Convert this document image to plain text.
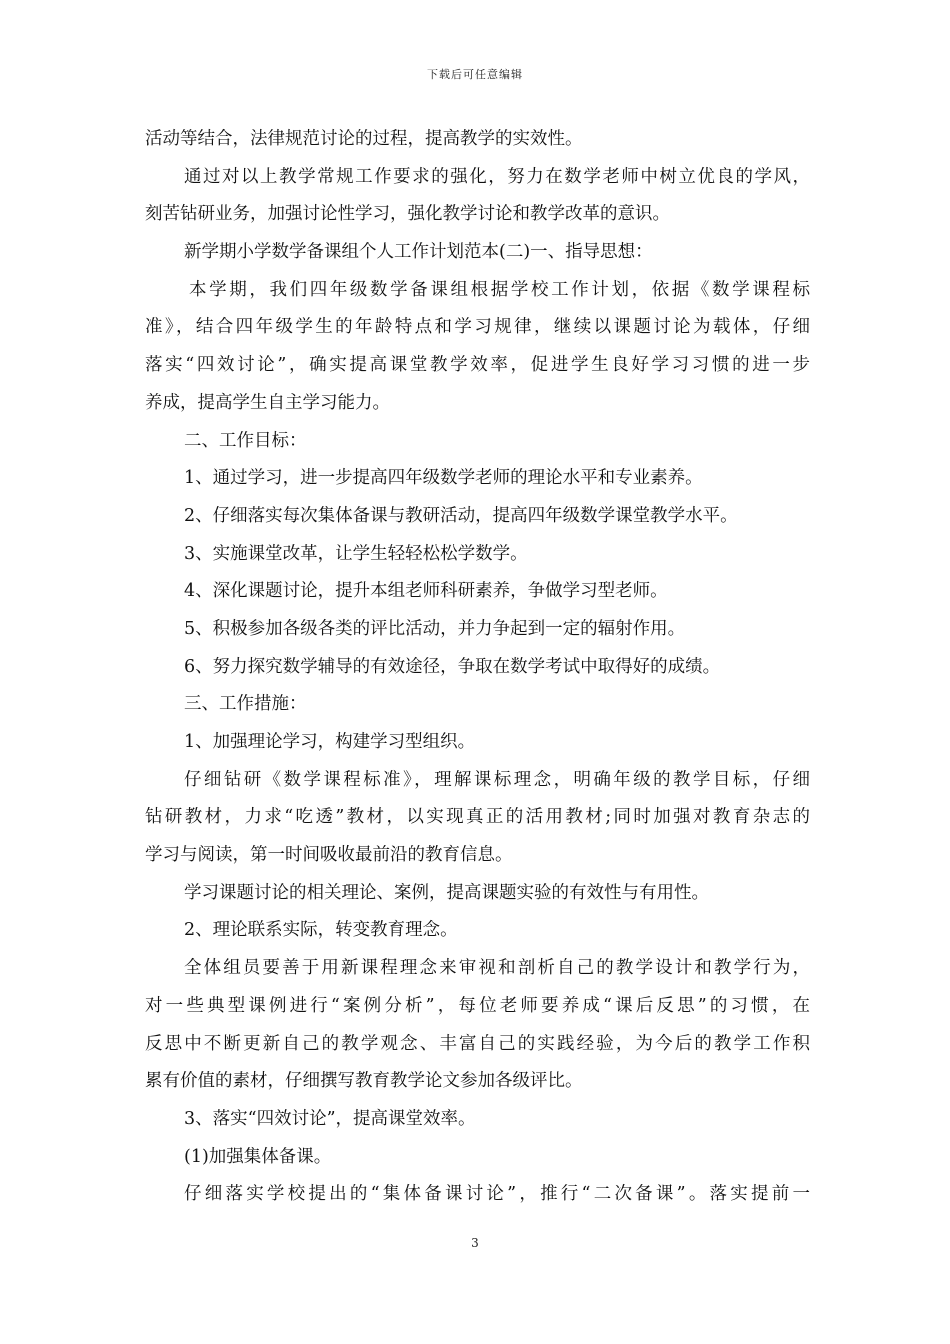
下载后可任意编辑
活动等结合，法律规范讨论的过程，提高教学的实效性。
通过对以上教学常规工作要求的强化，努力在数学老师中树立优良的学风，
刻苦钻研业务，加强讨论性学习，强化教学讨论和教学改革的意识。
新学期小学数学备课组个人工作计划范本(二)一、指导思想：
本学期，我们四年级数学备课组根据学校工作计划，依据《数学课程标
准》，结合四年级学生的年龄特点和学习规律，继续以课题讨论为载体，仔细
落实“四效讨论”，确实提高课堂教学效率，促进学生良好学习习惯的进一步
养成，提高学生自主学习能力。
二、工作目标：
1、通过学习，进一步提高四年级数学老师的理论水平和专业素养。
2、仔细落实每次集体备课与教研活动，提高四年级数学课堂教学水平。
3、实施课堂改革，让学生轻轻松松学数学。
4、深化课题讨论，提升本组老师科研素养，争做学习型老师。
5、积极参加各级各类的评比活动，并力争起到一定的辐射作用。
6、努力探究数学辅导的有效途径，争取在数学考试中取得好的成绩。
三、工作措施：
1、加强理论学习，构建学习型组织。
仔细钻研《数学课程标准》，理解课标理念，明确年级的教学目标，仔细
钻研教材，力求“吃透”教材，以实现真正的活用教材;同时加强对教育杂志的
学习与阅读，第一时间吸收最前沿的教育信息。
学习课题讨论的相关理论、案例，提高课题实验的有效性与有用性。
2、理论联系实际，转变教育理念。
全体组员要善于用新课程理念来审视和剖析自己的教学设计和教学行为，
对一些典型课例进行“案例分析”，每位老师要养成“课后反思”的习惯，在
反思中不断更新自己的教学观念、丰富自己的实践经验，为今后的教学工作积
累有价值的素材，仔细撰写教育教学论文参加各级评比。
3、落实“四效讨论”，提高课堂效率。
(1)加强集体备课。
仔细落实学校提出的“集体备课讨论”，推行“二次备课”。落实提前一
3
